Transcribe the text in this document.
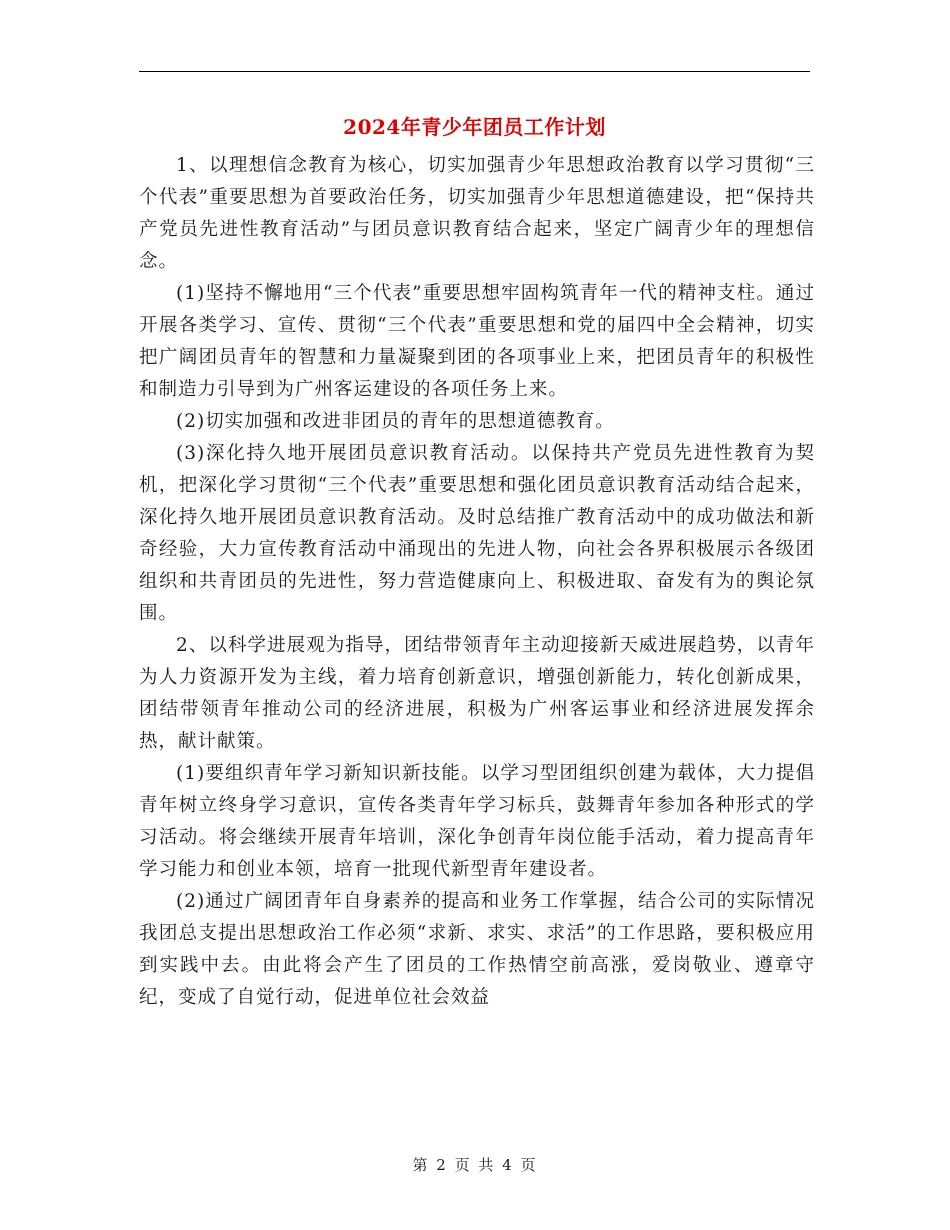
2024年青少年团员工作计划

1、以理想信念教育为核心，切实加强青少年思想政治教育以学习贯彻“三个代表”重要思想为首要政治任务，切实加强青少年思想道德建设，把“保持共产党员先进性教育活动”与团员意识教育结合起来，坚定广阔青少年的理想信念。

(1)坚持不懈地用“三个代表”重要思想牢固构筑青年一代的精神支柱。通过开展各类学习、宣传、贯彻“三个代表”重要思想和党的届四中全会精神，切实把广阔团员青年的智慧和力量凝聚到团的各项事业上来，把团员青年的积极性和制造力引导到为广州客运建设的各项任务上来。

(2)切实加强和改进非团员的青年的思想道德教育。

(3)深化持久地开展团员意识教育活动。以保持共产党员先进性教育为契机，把深化学习贯彻“三个代表”重要思想和强化团员意识教育活动结合起来，深化持久地开展团员意识教育活动。及时总结推广教育活动中的成功做法和新奇经验，大力宣传教育活动中涌现出的先进人物，向社会各界积极展示各级团组织和共青团员的先进性，努力营造健康向上、积极进取、奋发有为的舆论氛围。

2、以科学进展观为指导，团结带领青年主动迎接新天威进展趋势，以青年为人力资源开发为主线，着力培育创新意识，增强创新能力，转化创新成果，团结带领青年推动公司的经济进展，积极为广州客运事业和经济进展发挥余热，献计献策。

(1)要组织青年学习新知识新技能。以学习型团组织创建为载体，大力提倡青年树立终身学习意识，宣传各类青年学习标兵，鼓舞青年参加各种形式的学习活动。将会继续开展青年培训，深化争创青年岗位能手活动，着力提高青年学习能力和创业本领，培育一批现代新型青年建设者。

(2)通过广阔团青年自身素养的提高和业务工作掌握，结合公司的实际情况我团总支提出思想政治工作必须“求新、求实、求活”的工作思路，要积极应用到实践中去。由此将会产生了团员的工作热情空前高涨，爱岗敬业、遵章守纪，变成了自觉行动，促进单位社会效益

第 2 页 共 4 页
